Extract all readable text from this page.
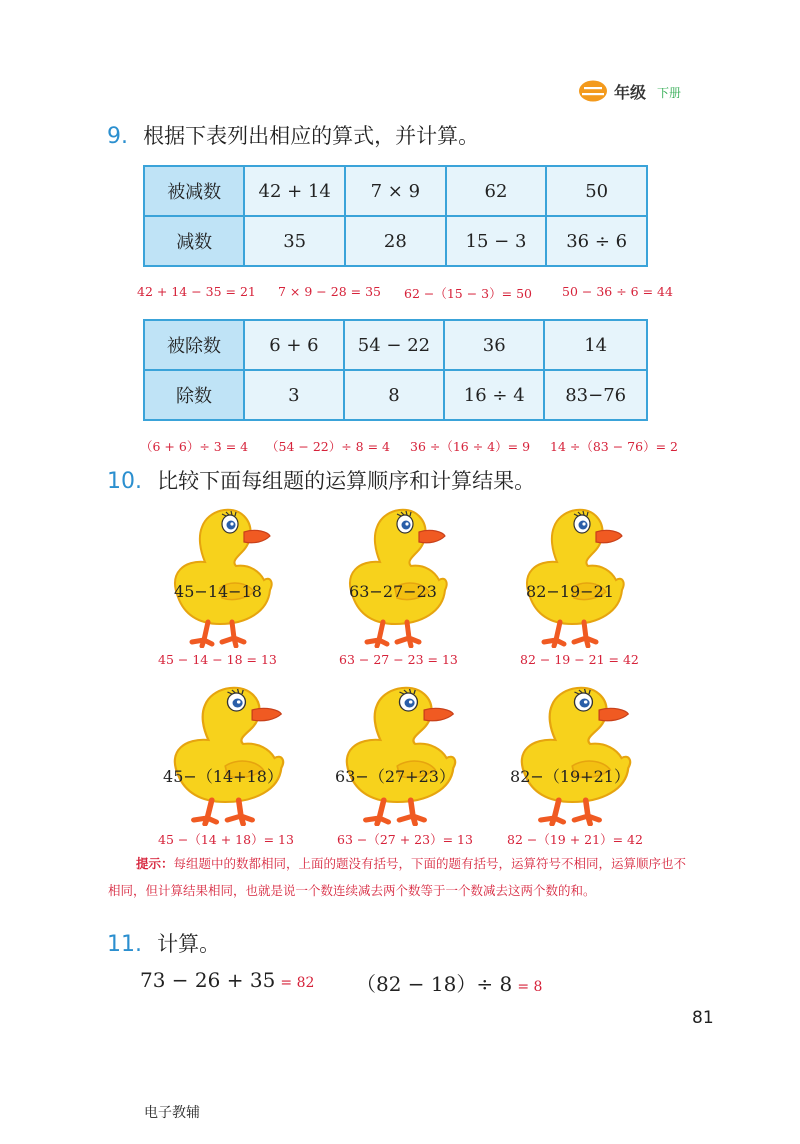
年级 下册
9. 根据下表列出相应的算式，并计算。
被减数	42 + 14	7 × 9	62	50
减数	35	28	15 − 3	36 ÷ 6
42 + 14 − 35 = 21 7 × 9 − 28 = 35 62 −（15 − 3）= 50 50 − 36 ÷ 6 = 44
被除数	6 + 6	54 − 22	36	14
除数	3	8	16 ÷ 4	83−76
（6 + 6）÷ 3 = 4 （54 − 22）÷ 8 = 4 36 ÷（16 ÷ 4）= 9 14 ÷（83 − 76）= 2
10. 比较下面每组题的运算顺序和计算结果。
45−14−18	63−27−23	82−19−21
45 − 14 − 18 = 13	63 − 27 − 23 = 13	82 − 19 − 21 = 42
45−（14+18）	63−（27+23）	82−（19+21）
45 −（14 + 18）= 13	63 −（27 + 23）= 13	82 −（19 + 21）= 42
提示：每组题中的数都相同，上面的题没有括号，下面的题有括号，运算符号不相同，运算顺序也不相同，但计算结果相同，也就是说一个数连续减去两个数等于一个数减去这两个数的和。
11. 计算。
73 − 26 + 35 = 82 （82 − 18）÷ 8 = 8
81
电子教辅
